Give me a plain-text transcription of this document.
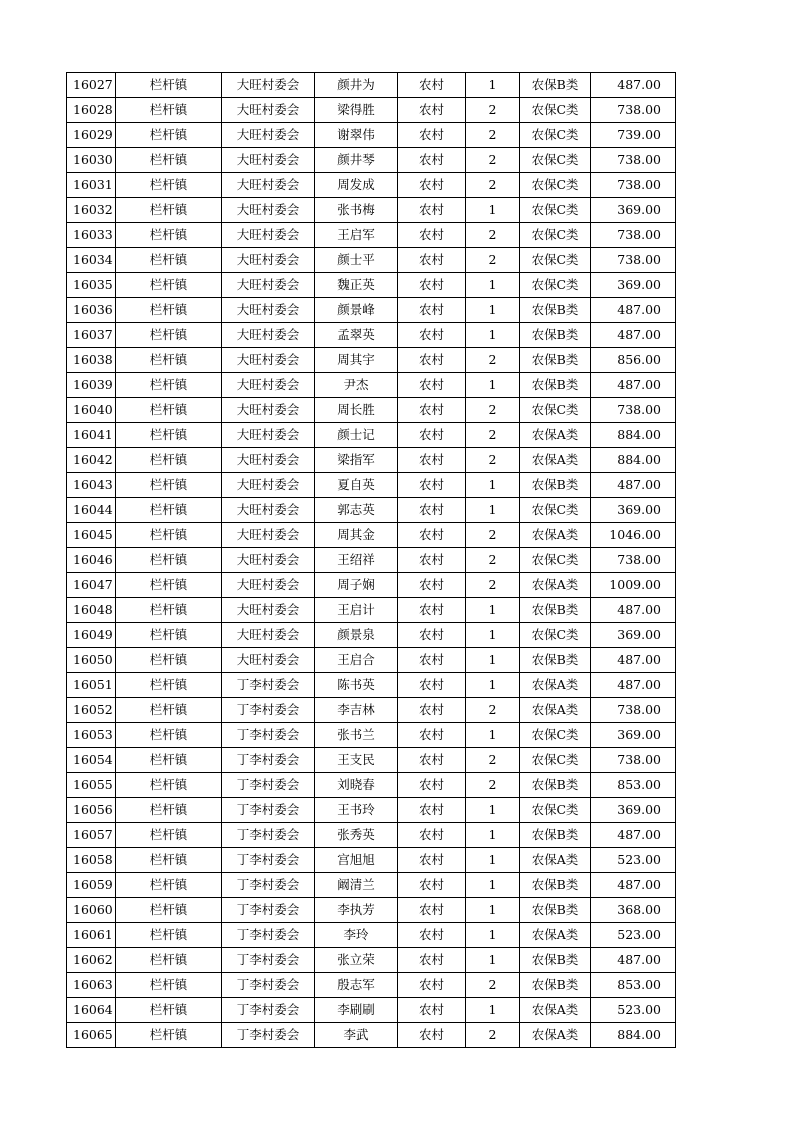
16027	栏杆镇	大旺村委会	颜井为	农村	1	农保B类	487.00
16028	栏杆镇	大旺村委会	梁得胜	农村	2	农保C类	738.00
16029	栏杆镇	大旺村委会	谢翠伟	农村	2	农保C类	739.00
16030	栏杆镇	大旺村委会	颜井琴	农村	2	农保C类	738.00
16031	栏杆镇	大旺村委会	周发成	农村	2	农保C类	738.00
16032	栏杆镇	大旺村委会	张书梅	农村	1	农保C类	369.00
16033	栏杆镇	大旺村委会	王启军	农村	2	农保C类	738.00
16034	栏杆镇	大旺村委会	颜士平	农村	2	农保C类	738.00
16035	栏杆镇	大旺村委会	魏正英	农村	1	农保C类	369.00
16036	栏杆镇	大旺村委会	颜景峰	农村	1	农保B类	487.00
16037	栏杆镇	大旺村委会	孟翠英	农村	1	农保B类	487.00
16038	栏杆镇	大旺村委会	周其宇	农村	2	农保B类	856.00
16039	栏杆镇	大旺村委会	尹杰	农村	1	农保B类	487.00
16040	栏杆镇	大旺村委会	周长胜	农村	2	农保C类	738.00
16041	栏杆镇	大旺村委会	颜士记	农村	2	农保A类	884.00
16042	栏杆镇	大旺村委会	梁指军	农村	2	农保A类	884.00
16043	栏杆镇	大旺村委会	夏自英	农村	1	农保B类	487.00
16044	栏杆镇	大旺村委会	郭志英	农村	1	农保C类	369.00
16045	栏杆镇	大旺村委会	周其金	农村	2	农保A类	1046.00
16046	栏杆镇	大旺村委会	王绍祥	农村	2	农保C类	738.00
16047	栏杆镇	大旺村委会	周子娴	农村	2	农保A类	1009.00
16048	栏杆镇	大旺村委会	王启计	农村	1	农保B类	487.00
16049	栏杆镇	大旺村委会	颜景泉	农村	1	农保C类	369.00
16050	栏杆镇	大旺村委会	王启合	农村	1	农保B类	487.00
16051	栏杆镇	丁李村委会	陈书英	农村	1	农保A类	487.00
16052	栏杆镇	丁李村委会	李吉林	农村	2	农保A类	738.00
16053	栏杆镇	丁李村委会	张书兰	农村	1	农保C类	369.00
16054	栏杆镇	丁李村委会	王支民	农村	2	农保C类	738.00
16055	栏杆镇	丁李村委会	刘晓春	农村	2	农保B类	853.00
16056	栏杆镇	丁李村委会	王书玲	农村	1	农保C类	369.00
16057	栏杆镇	丁李村委会	张秀英	农村	1	农保B类	487.00
16058	栏杆镇	丁李村委会	宫旭旭	农村	1	农保A类	523.00
16059	栏杆镇	丁李村委会	阚清兰	农村	1	农保B类	487.00
16060	栏杆镇	丁李村委会	李执芳	农村	1	农保B类	368.00
16061	栏杆镇	丁李村委会	李玲	农村	1	农保A类	523.00
16062	栏杆镇	丁李村委会	张立荣	农村	1	农保B类	487.00
16063	栏杆镇	丁李村委会	殷志军	农村	2	农保B类	853.00
16064	栏杆镇	丁李村委会	李刷刷	农村	1	农保A类	523.00
16065	栏杆镇	丁李村委会	李武	农村	2	农保A类	884.00
